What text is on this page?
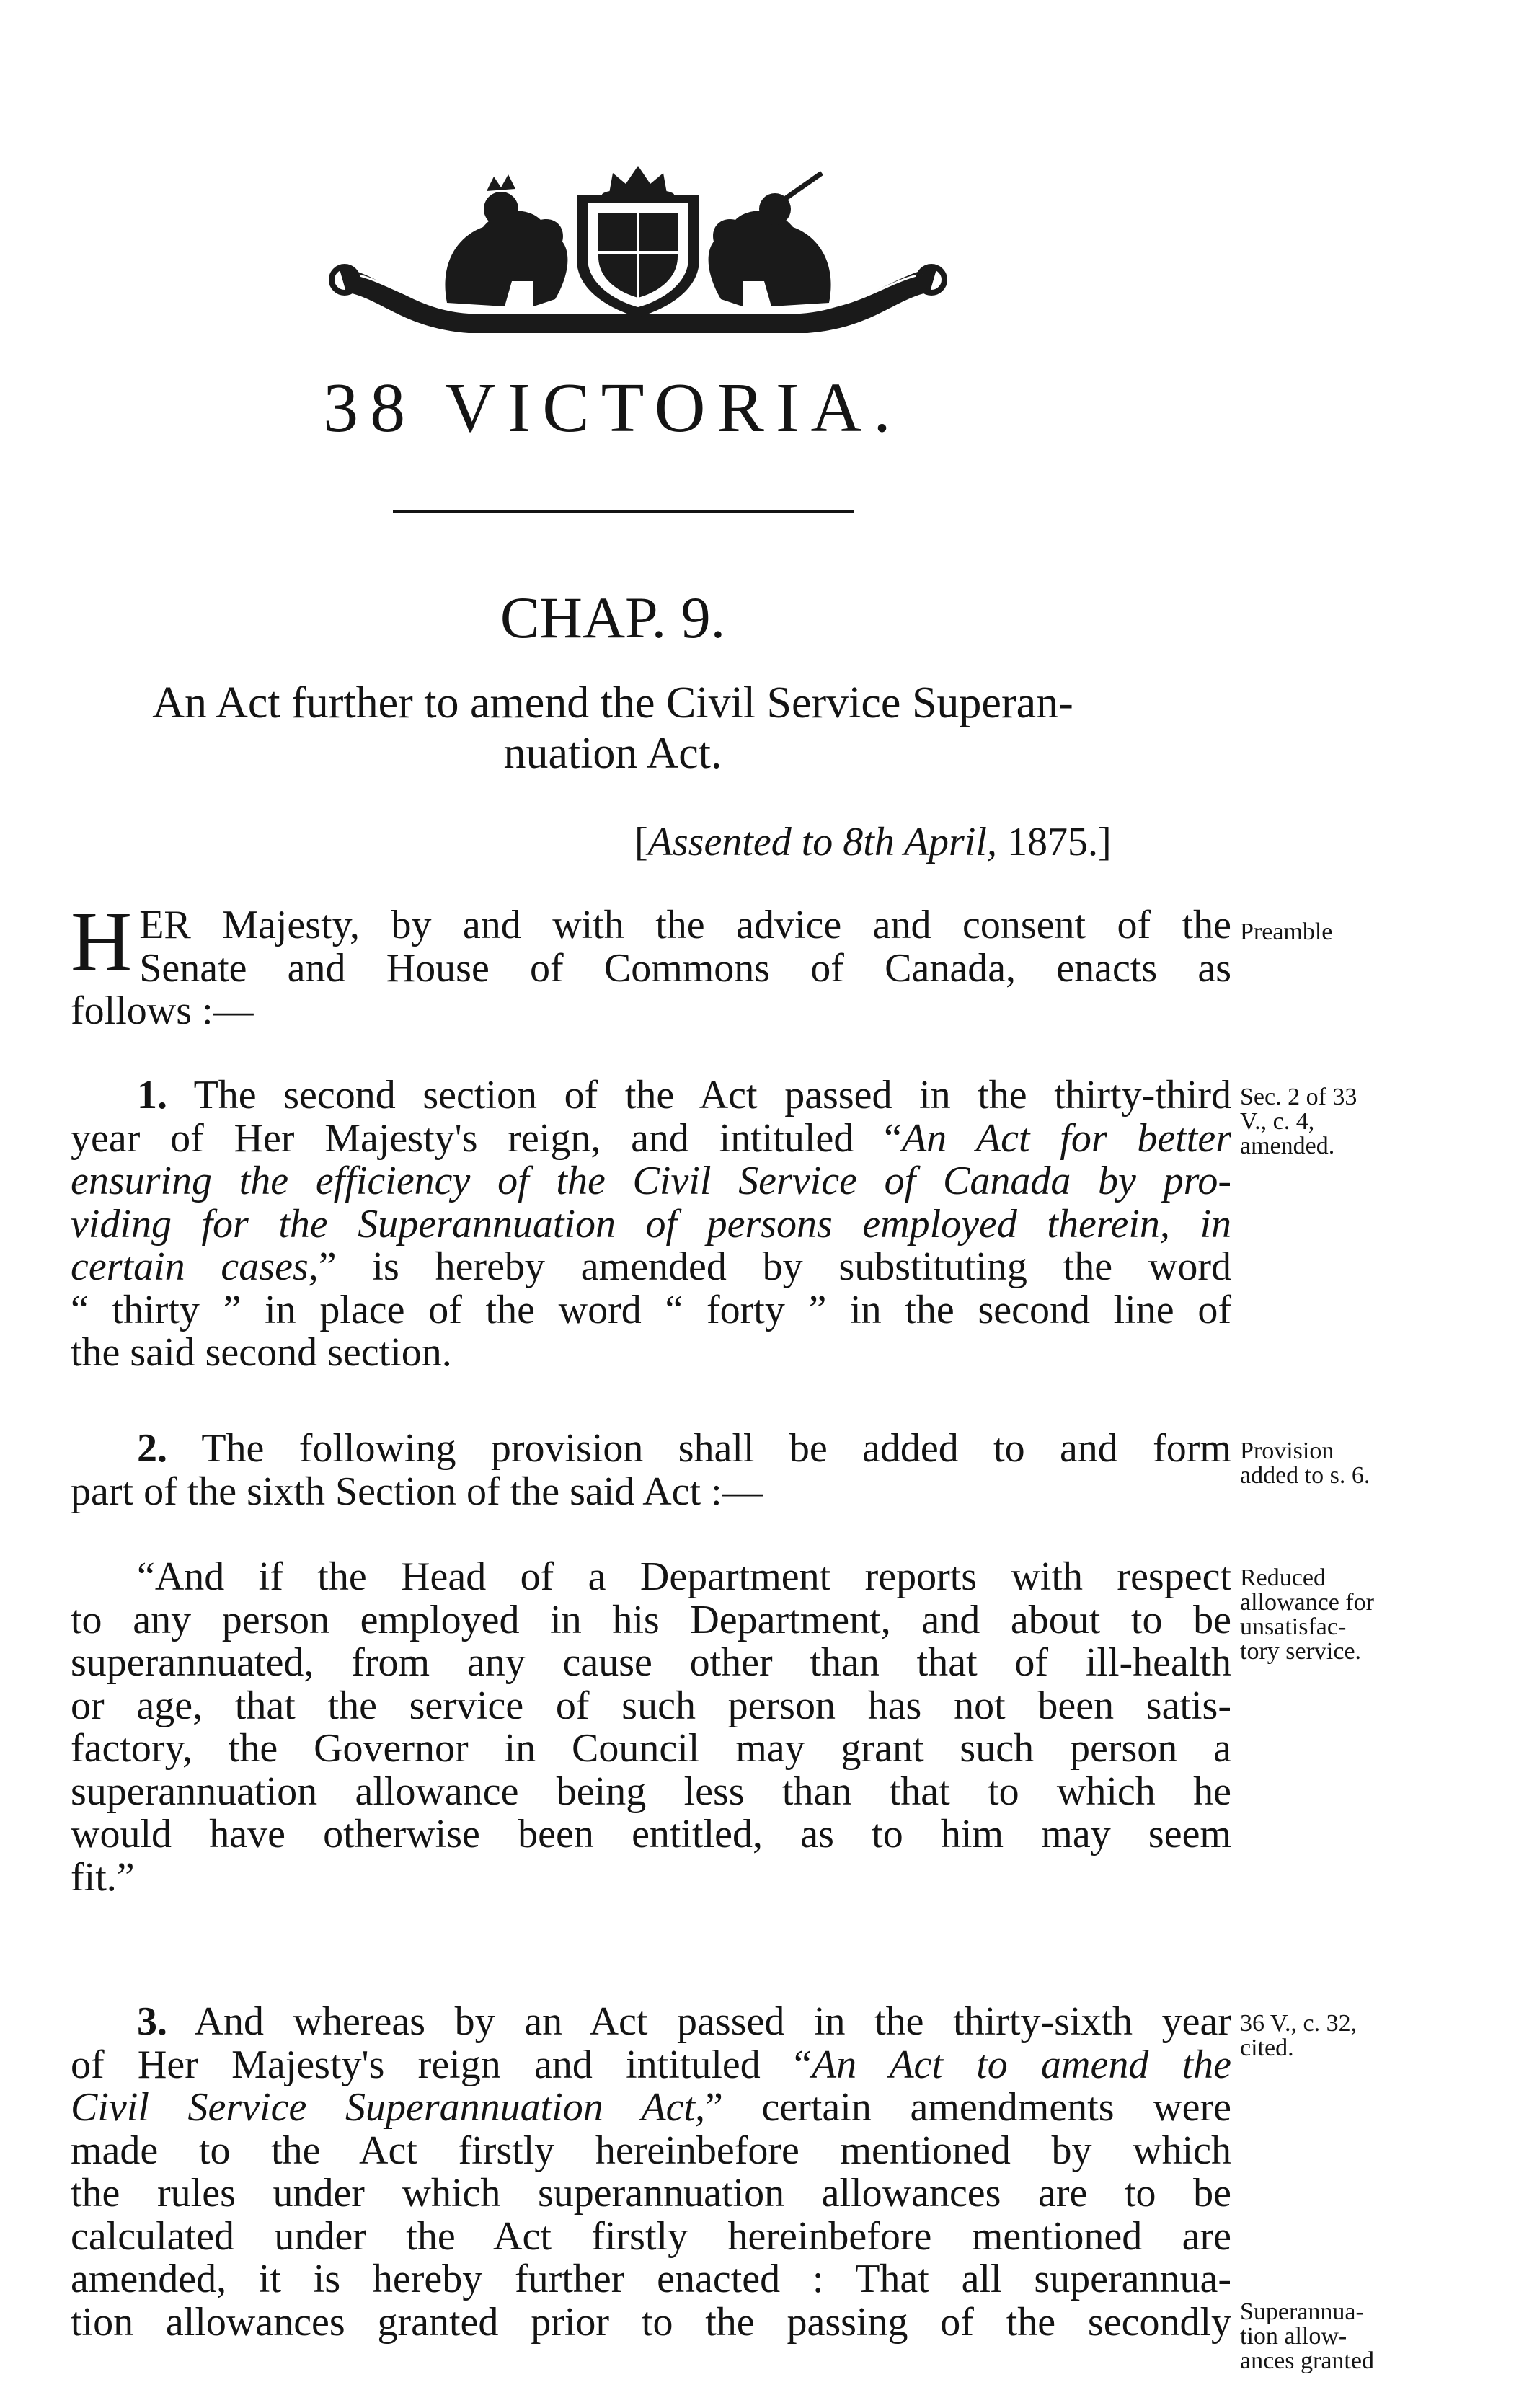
38 VICTORIA.
CHAP. 9.
An Act further to amend the Civil Service Superan-
nuation Act.
[Assented to 8th April, 1875.]
H ER Majesty, by and with the advice and consent of the
Senate and House of Commons of Canada, enacts as
follows :—
Preamble
1. The second section of the Act passed in the thirty-third
year of Her Majesty's reign, and intituled “An Act for better
ensuring the efficiency of the Civil Service of Canada by pro-
viding for the Superannuation of persons employed therein, in
certain cases,” is hereby amended by substituting the word
“ thirty ” in place of the word “ forty ” in the second line of
the said second section.
Sec. 2 of 33
V., c. 4,
amended.
2. The following provision shall be added to and form
part of the sixth Section of the said Act :—
Provision
added to s. 6.
“And if the Head of a Department reports with respect
to any person employed in his Department, and about to be
superannuated, from any cause other than that of ill-health
or age, that the service of such person has not been satis-
factory, the Governor in Council may grant such person a
superannuation allowance being less than that to which he
would have otherwise been entitled, as to him may seem
fit.”
Reduced
allowance for
unsatisfac-
tory service.
3. And whereas by an Act passed in the thirty-sixth year
of Her Majesty's reign and intituled “An Act to amend the
Civil Service Superannuation Act,” certain amendments were
made to the Act firstly hereinbefore mentioned by which
the rules under which superannuation allowances are to be
calculated under the Act firstly hereinbefore mentioned are
amended, it is hereby further enacted : That all superannua-
tion allowances granted prior to the passing of the secondly
36 V., c. 32,
cited.
Superannua-
tion allow-
ances granted
